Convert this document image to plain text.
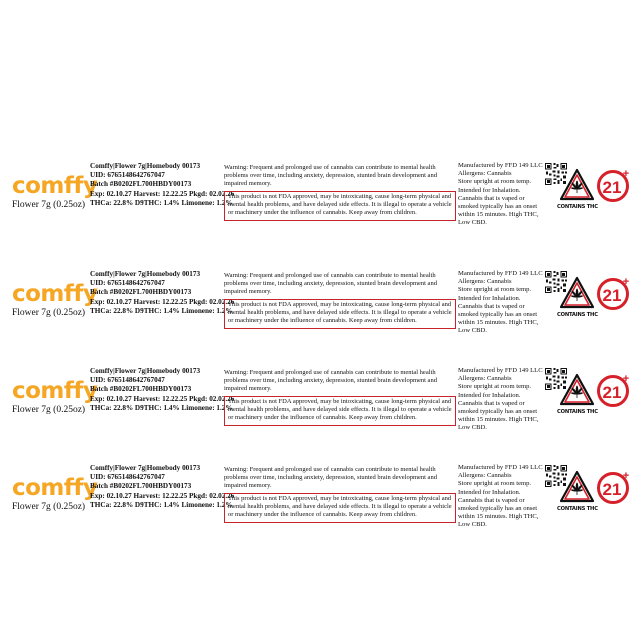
comffy
Flower 7g (0.25oz)
Comffy|Flower 7g|Homebody 00173
UID: 6765148642767047
Batch #B0202FL700HBDY00173
Exp: 02.10.27 Harvest: 12.22.25 Pkgd: 02.02.26
THCa: 22.8% D9THC: 1.4% Limonene: 1.2%
Warning: Frequent and prolonged use of cannabis can contribute to mental health problems over time, including anxiety, depression, stunted brain development and impaired memory.
This product is not FDA approved, may be intoxicating, cause long-term physical and mental health problems, and have delayed side effects. It is illegal to operate a vehicle or machinery under the influence of cannabis. Keep away from children.
Manufactured by FFD 149 LLC
Allergens: Cannabis
Store upright at room temp.
Intended for Inhalation.
Cannabis that is vaped or smoked typically has an onset within 15 minutes. High THC, Low CBD.
CONTAINS THC
21
+
comffy
Flower 7g (0.25oz)
Comffy|Flower 7g|Homebody 00173
UID: 6765148642767047
Batch #B0202FL700HBDY00173
Exp: 02.10.27 Harvest: 12.22.25 Pkgd: 02.02.26
THCa: 22.8% D9THC: 1.4% Limonene: 1.2%
Warning: Frequent and prolonged use of cannabis can contribute to mental health problems over time, including anxiety, depression, stunted brain development and impaired memory.
This product is not FDA approved, may be intoxicating, cause long-term physical and mental health problems, and have delayed side effects. It is illegal to operate a vehicle or machinery under the influence of cannabis. Keep away from children.
Manufactured by FFD 149 LLC
Allergens: Cannabis
Store upright at room temp.
Intended for Inhalation.
Cannabis that is vaped or smoked typically has an onset within 15 minutes. High THC, Low CBD.
CONTAINS THC
21
+
comffy
Flower 7g (0.25oz)
Comffy|Flower 7g|Homebody 00173
UID: 6765148642767047
Batch #B0202FL700HBDY00173
Exp: 02.10.27 Harvest: 12.22.25 Pkgd: 02.02.26
THCa: 22.8% D9THC: 1.4% Limonene: 1.2%
Warning: Frequent and prolonged use of cannabis can contribute to mental health problems over time, including anxiety, depression, stunted brain development and impaired memory.
This product is not FDA approved, may be intoxicating, cause long-term physical and mental health problems, and have delayed side effects. It is illegal to operate a vehicle or machinery under the influence of cannabis. Keep away from children.
Manufactured by FFD 149 LLC
Allergens: Cannabis
Store upright at room temp.
Intended for Inhalation.
Cannabis that is vaped or smoked typically has an onset within 15 minutes. High THC, Low CBD.
CONTAINS THC
21
+
comffy
Flower 7g (0.25oz)
Comffy|Flower 7g|Homebody 00173
UID: 6765148642767047
Batch #B0202FL700HBDY00173
Exp: 02.10.27 Harvest: 12.22.25 Pkgd: 02.02.26
THCa: 22.8% D9THC: 1.4% Limonene: 1.2%
Warning: Frequent and prolonged use of cannabis can contribute to mental health problems over time, including anxiety, depression, stunted brain development and impaired memory.
This product is not FDA approved, may be intoxicating, cause long-term physical and mental health problems, and have delayed side effects. It is illegal to operate a vehicle or machinery under the influence of cannabis. Keep away from children.
Manufactured by FFD 149 LLC
Allergens: Cannabis
Store upright at room temp.
Intended for Inhalation.
Cannabis that is vaped or smoked typically has an onset within 15 minutes. High THC, Low CBD.
CONTAINS THC
21
+
